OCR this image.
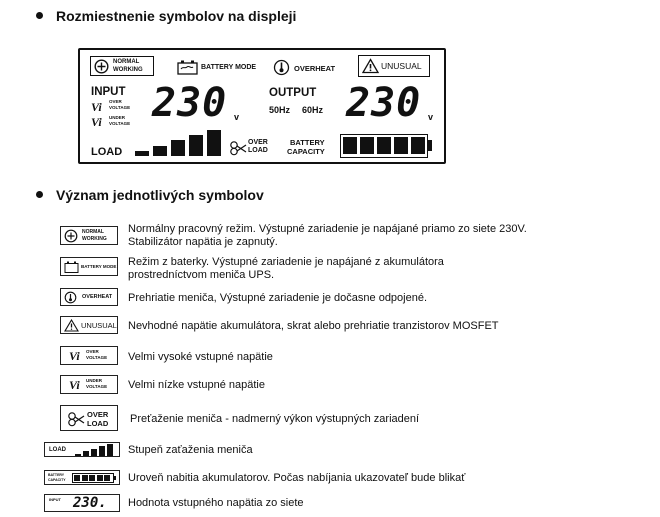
Rozmiestnenie symbolov na displeji
NORMAL
WORKING	BATTERY MODE	OVERHEAT	UNUSUAL
INPUT
Vi OVER
VOLTAGE
Vi UNDER
VOLTAGE 230 v
OUTPUT
50Hz 60Hz 230 v
LOAD
OVER
LOAD
BATTERY
CAPACITY
Význam jednotlivých symbolov
NORMAL
WORKING
Normálny pracovný režim. Výstupné zariadenie je napájané priamo zo siete 230V.
Stabilizátor napätia je zapnutý.
BATTERY MODE Režim z baterky. Výstupné zariadenie je napájané z akumulátora
prostredníctvom meniča UPS.
OVERHEAT Prehriatie meniča, Výstupné zariadenie je dočasne odpojené.
UNUSUAL Nevhodné napätie akumulátora, skrat alebo prehriatie tranzistorov MOSFET
Vi OVER
VOLTAGE Velmi vysoké vstupné napätie
Vi UNDER
VOLTAGE Velmi nízke vstupné napätie
OVER
LOAD Preťaženie meniča - nadmerný výkon výstupných zariadení
LOAD	Stupeň zaťaženia meniča
BATTERY
CAPACITY	Uroveň nabitia akumulatorov. Počas nabíjania ukazovateľ bude blikať
INPUT 230. Hodnota vstupného napätia zo siete
